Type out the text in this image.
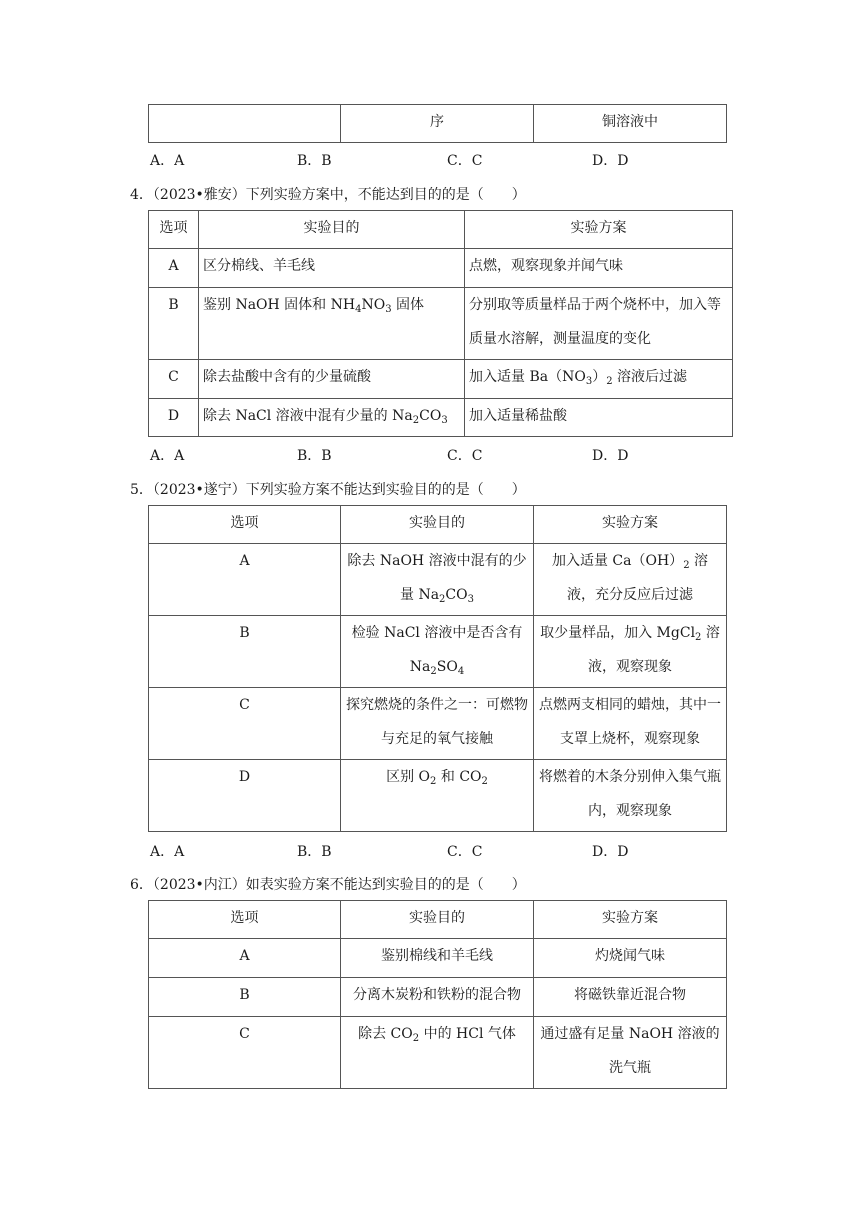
	序	铜溶液中
A．A	B．B	C．C	D．D
4．（2023•雅安）下列实验方案中，不能达到目的的是（　　）
选项	实验目的	实验方案
A	区分棉线、羊毛线	点燃，观察现象并闻气味
B	鉴别 NaOH 固体和 $NH_4NO_3$ 固体	分别取等质量样品于两个烧杯中，加入等质量水溶解，测量温度的变化
C	除去盐酸中含有的少量硫酸	加入适量 $Ba(NO_3)_2$ 溶液后过滤
D	除去 NaCl 溶液中混有少量的 $Na_2CO_3$	加入适量稀盐酸
A．A	B．B	C．C	D．D
5．（2023•遂宁）下列实验方案不能达到实验目的的是（　　）
选项	实验目的	实验方案
A	除去 NaOH 溶液中混有的少量 $Na_2CO_3$	加入适量 $Ca(OH)_2$ 溶液，充分反应后过滤
B	检验 NaCl 溶液中是否含有 $Na_2SO_4$	取少量样品，加入 MgCl$_2$ 溶液，观察现象
C	探究燃烧的条件之一：可燃物与充足的氧气接触	点燃两支相同的蜡烛，其中一支罩上烧杯，观察现象
D	区别 $O_2$ 和 $CO_2$	将燃着的木条分别伸入集气瓶内，观察现象
A．A	B．B	C．C	D．D
6．（2023•内江）如表实验方案不能达到实验目的的是（　　）
选项	实验目的	实验方案
A	鉴别棉线和羊毛线	灼烧闻气味
B	分离木炭粉和铁粉的混合物	将磁铁靠近混合物
C	除去 $CO_2$ 中的 HCl 气体	通过盛有足量 NaOH 溶液的洗气瓶
